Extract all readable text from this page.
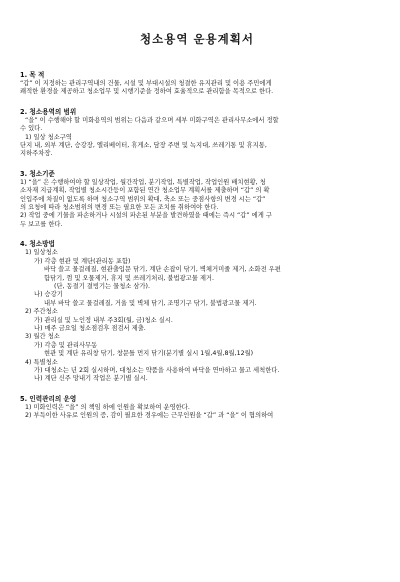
청소용역 운용계획서

1. 목 적

“갑” 이 지정하는 관리구역내의 건물, 시설 및 부대시설의 청결한 유지관리 및 이용 주민에게

쾌적한 환경을 제공하고 청소업무 및 시행기준을 정하여 효율적으로 관리함을 목적으로 한다.

2. 청소용역의 범위

“을” 이 수행해야 할 미화용역의 범위는 다음과 같으며 세부 미화구역은 관리사무소에서 정할

수 있다.

1) 일상 청소구역

단지 내, 외부 계단, 승강장, 엘리베이터, 휴게소, 담장 주변 및 녹지대, 쓰레기통 및 휴지통,

지하주차장.

3. 청소기준

1) “을” 은 수행하여야 할 일상작업, 월간작업, 분기작업, 특별작업, 작업인원 배치현황, 청

소자재 지급계획, 작업별 청소시간등이 포함된 연간 청소업무 계획서를 제출하며 “갑” 의 확

인입주에 차질이 없도록 하며 청소구역 범위의 확대, 축소 또는 중점사항의 변경 시는 “갑”

의 요청에 따라 청소범위의 변경 또는 필요한 모든 조치를 취하여야 한다.

2) 작업 중에 기물을 파손하거나 시설의 파손된 부분을 발견하였을 때에는 즉시 “갑” 에게 구

두 보고를 한다.

4. 청소방법

1) 일상청소

가) 각층 현관 및 계단(관리동 포함)

바닥 쓸고 물걸레질, 현관출입문 닦기, 계단 손잡이 닦기, 벽체거미줄 제거, 소화전 우편

함닦기, 껌 및 오물제거, 휴지 및 쓰레기처리, 불법광고물 제거.

(단, 동절기 결빙기는 물청소 삼가).

나) 승강기

내부 바닥 쓸고 물걸레질, 거울 및 벽체 닦기, 조명기구 닦기, 불법광고물 제거.

2) 주간청소

가) 관리실 및 노인정 내부 주3회(월, 금)청소 실시.

나) 매주 금요일 청소점검후 점검서 제출.

3) 월간 청소

가) 각층 및 관리사무동

현관 및 계단 유리창 닦기, 창문틀 먼지 닦기(분기별 실시 1월,4월,8월,12월)

4) 특별청소

가) 대청소는 년 2회 실시하며, 대청소는 약품을 사용하여 바닥을 연마하고 물고 세척한다.

나) 계단 신주 망내기 작업은 분기별 실시.

5. 인력관리의 운영

1) 미화인력은 “을” 의 책임 하에 인원을 확보하여 운영한다.

2) 부득이한 사유로 인원의 증, 감이 필요한 경우에는 근무인원을 “갑” 과 “을” 이 협의하여
